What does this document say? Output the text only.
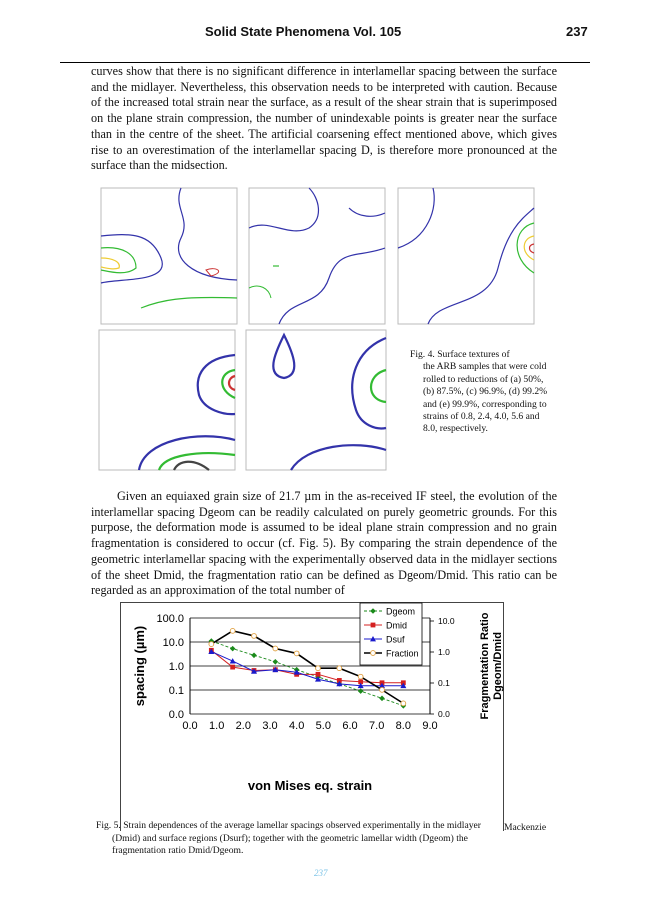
Solid State Phenomena Vol. 105	237

curves show that there is no significant difference in interlamellar spacing between the surface and the midlayer. Nevertheless, this observation needs to be interpreted with caution. Because of the increased total strain near the surface, as a result of the shear strain that is superimposed on the plane strain compression, the number of unindexable points is greater near the surface than in the centre of the sheet. The artificial coarsening effect mentioned above, which gives rise to an overestimation of the interlamellar spacing D, is therefore more pronounced at the surface than the midsection.

Fig. 4. Surface textures of
the ARB samples that were cold rolled to reductions of (a) 50%, (b) 87.5%, (c) 96.9%, (d) 99.2% and (e) 99.9%, corresponding to strains of 0.8, 2.4, 4.0, 5.6 and 8.0, respectively.

Given an equiaxed grain size of 21.7 µm in the as-received IF steel, the evolution of the interlamellar spacing Dgeom can be readily calculated on purely geometric grounds. For this purpose, the deformation mode is assumed to be ideal plane strain compression and no grain fragmentation is considered to occur (cf. Fig. 5). By comparing the strain dependence of the geometric interlamellar spacing with the experimentally observed data in the midlayer sections of the sheet Dmid, the fragmentation ratio can be defined as Dgeom/Dmid. This ratio can be regarded as an approximation of the total number of

0.0
0.1
1.0
10.0
100.0
0.0
0.1
1.0
10.0
0.0 1.0 2.0 3.0 4.0 5.0 6.0 7.0 8.0 9.0
von Mises eq. strain
spacing (µm)	Fragmentation Ratio Dgeom/Dmid
Dgeom
Dmid
Dsuf
Fraction
Mackenzie
Fig. 5. Strain dependences of the average lamellar spacings observed experimentally in the midlayer
(Dmid) and surface regions (Dsurf); together with the geometric lamellar width (Dgeom) the
fragmentation ratio Dmid/Dgeom.
237
